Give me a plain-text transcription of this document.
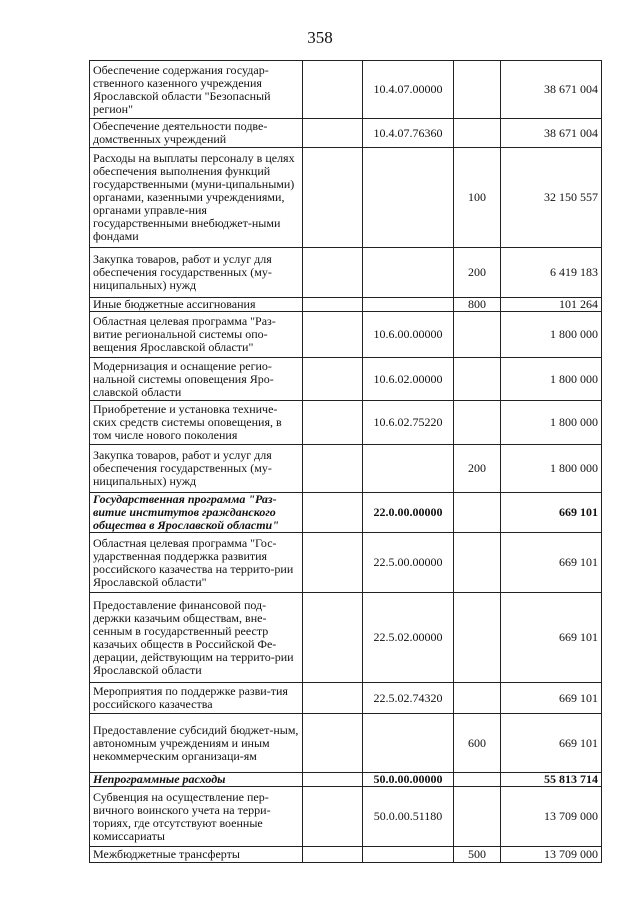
358
Обеспечение содержания государ-ственного казенного учреждения Ярославской области "Безопасный регион"		10.4.07.00000		38 671 004
Обеспечение деятельности подве-домственных учреждений		10.4.07.76360		38 671 004
Расходы на выплаты персоналу в целях обеспечения выполнения функций государственными (муни-ципальными) органами, казенными учреждениями, органами управле-ния государственными внебюджет-ными фондами			100	32 150 557
Закупка товаров, работ и услуг для обеспечения государственных (му-ниципальных) нужд			200	6 419 183
Иные бюджетные ассигнования			800	101 264
Областная целевая программа "Раз-витие региональной системы опо-вещения Ярославской области"		10.6.00.00000		1 800 000
Модернизация и оснащение регио-нальной системы оповещения Яро-славской области		10.6.02.00000		1 800 000
Приобретение и установка техниче-ских средств системы оповещения, в том числе нового поколения		10.6.02.75220		1 800 000
Закупка товаров, работ и услуг для обеспечения государственных (му-ниципальных) нужд			200	1 800 000
Государственная программа "Раз-витие институтов гражданского общества в Ярославской области"		22.0.00.00000		669 101
Областная целевая программа "Гос-ударственная поддержка развития российского казачества на террито-рии Ярославской области"		22.5.00.00000		669 101
Предоставление финансовой под-держки казачьим обществам, вне-сенным в государственный реестр казачьих обществ в Российской Фе-дерации, действующим на террито-рии Ярославской области		22.5.02.00000		669 101
Мероприятия по поддержке разви-тия российского казачества		22.5.02.74320		669 101
Предоставление субсидий бюджет-ным, автономным учреждениям и иным некоммерческим организаци-ям			600	669 101
Непрограммные расходы		50.0.00.00000		55 813 714
Субвенция на осуществление пер-вичного воинского учета на терри-ториях, где отсутствуют военные комиссариаты		50.0.00.51180		13 709 000
Межбюджетные трансферты			500	13 709 000
